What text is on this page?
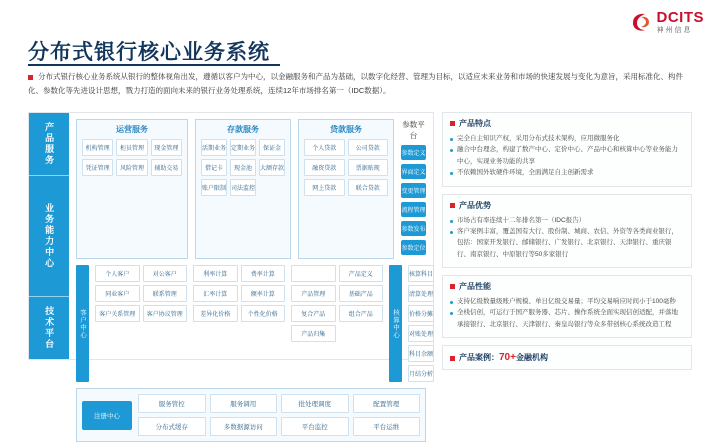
DCITS
神州信息
分布式银行核心业务系统
分布式银行核心业务系统从银行的整体视角出发，遵循以客户为中心，以金融服务和产品为基础，以数字化经营、管理为目标，以适应未来业务和市场的快速发展与变化为意旨，采用标准化、构件化、参数化等先进设计思想，戮力打造的面向未来的银行业务处理系统，连续12年市场排名第一（IDC数据）。
产品服务
业务能力中心
技术平台
运营服务
机构管理	柜员管理	现金管理
凭证管理	风险管理	辅助交易
存款服务
活期业务 定期业务	保证金
借记卡	现金池	大额存款
账户限制 司法监控
贷款服务
个人贷款	公司贷款
融资贷款	票据贴现
网上贷款	联合贷款
参数平台
参数定义
界面定义
变更管理
流程管理
参数发布
参数定位
客户中心
个人客户	对公客户
同业客户	联系管理
客户关系管理	客户协议管理
利率计算	费率计算
汇率计算	额率计算
差异化价格	个性化价格
产品定义
产品管理	基础产品
复合产品	组合产品
产品归集	核算中心
核算科目
清算处理
价格分摊
对账处理
科目余额
月结分析
注册中心
服务管控	服务调用	批处理调度	配置管理
分布式缓存	多数据源访问	平台监控	平台运维
产品特点
完全自主知识产权，采用分布式技术架构，应用微服务化
融合中台理念，构建了数产中心、定价中心、产品中心和核算中心等业务能力中心，实现业务功能的共享
不依赖国外软硬件环境，全面满足自主创新需求
产品优势
市场占有率连续十二年排名第一（IDC报告）
客户案例丰富，覆盖国有大行、股份制、城商、农信、外资等各类商业银行，包括：国家开发银行、邮储银行、广发银行、北京银行、天津银行、重庆银行、南京银行、中原银行等50多家银行
产品性能
支持亿级数量级账户规模、单日亿级交易量；平均交易响应时间小于100毫秒
全栈信创，可运行于国产服务器、芯片、操作系统全面实现信创适配，并落地承接银行、北京银行、天津银行、秦皇岛银行等众多带创核心系统改造工程
产品案例：70+金融机构
